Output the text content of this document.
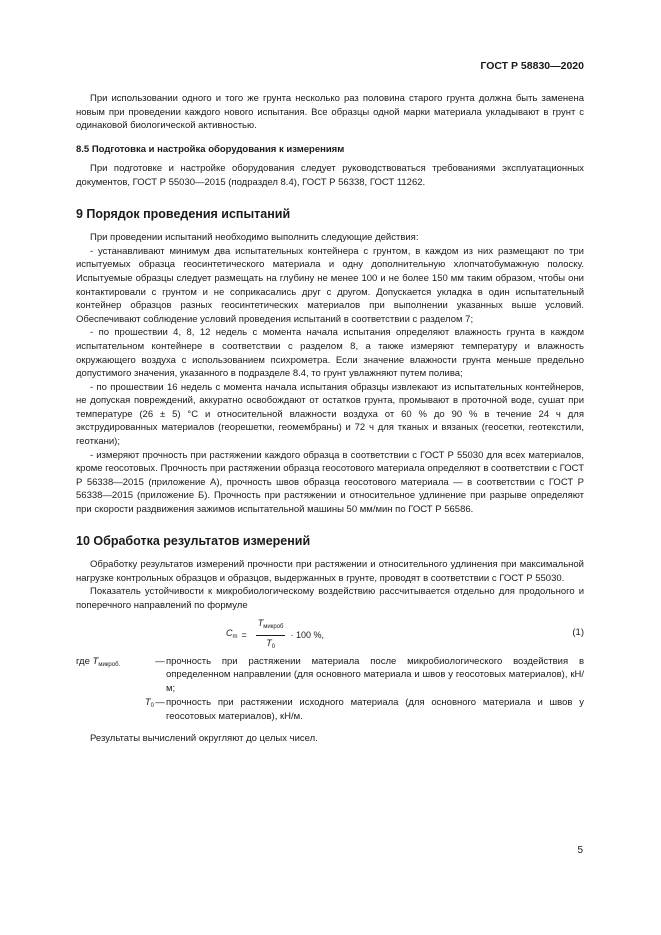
ГОСТ Р 58830—2020

При использовании одного и того же грунта несколько раз половина старого грунта должна быть заменена новым при проведении каждого нового испытания. Все образцы одной марки материала укладывают в грунт с одинаковой биологической активностью.

8.5 Подготовка и настройка оборудования к измерениям

При подготовке и настройке оборудования следует руководствоваться требованиями эксплуатационных документов, ГОСТ Р 55030—2015 (подраздел 8.4), ГОСТ Р 56338, ГОСТ 11262.

9 Порядок проведения испытаний

При проведении испытаний необходимо выполнить следующие действия:

- устанавливают минимум два испытательных контейнера с грунтом, в каждом из них размещают по три испытуемых образца геосинтетического материала и одну дополнительную хлопчатобумажную полоску. Испытуемые образцы следует размещать на глубину не менее 100 и не более 150 мм таким образом, чтобы они контактировали с грунтом и не соприкасались друг с другом. Допускается укладка в один испытательный контейнер образцов разных геосинтетических материалов при выполнении указанных выше условий. Обеспечивают соблюдение условий проведения испытаний в соответствии с разделом 7;

- по прошествии 4, 8, 12 недель с момента начала испытания определяют влажность грунта в каждом испытательном контейнере в соответствии с разделом 8, а также измеряют температуру и влажность окружающего воздуха с использованием психрометра. Если значение влажности грунта меньше предельно допустимого значения, указанного в подразделе 8.4, то грунт увлажняют путем полива;

- по прошествии 16 недель с момента начала испытания образцы извлекают из испытательных контейнеров, не допуская повреждений, аккуратно освобождают от остатков грунта, промывают в проточной воде, сушат при температуре (26 ± 5) °C и относительной влажности воздуха от 60 % до 90 % в течение 24 ч для экструдированных материалов (георешетки, геомембраны) и 72 ч для тканых и вязаных (геосетки, геотекстили, геоткани);

- измеряют прочность при растяжении каждого образца в соответствии с ГОСТ Р 55030 для всех материалов, кроме геосотовых. Прочность при растяжении образца геосотового материала определяют в соответствии с ГОСТ Р 56338—2015 (приложение А), прочность швов образца геосотового материала — в соответствии с ГОСТ Р 56338—2015 (приложение Б). Прочность при растяжении и относительное удлинение при разрыве определяют при скорости раздвижения зажимов испытательной машины 50 мм/мин по ГОСТ Р 56586.

10 Обработка результатов измерений

Обработку результатов измерений прочности при растяжении и относительного удлинения при максимальной нагрузке контрольных образцов и образцов, выдержанных в грунте, проводят в соответствии с ГОСТ Р 55030.

Показатель устойчивости к микробиологическому воздействию рассчитывается отдельно для продольного и поперечного направлений по формуле

$C_m = \frac{T_{микроб}}{T_0} \cdot 100$ %,	(1)
где $T_{микроб.}$	— прочность при растяжении материала после микробиологического воздействия в определенном направлении (для основного материала и швов у геосотовых материалов), кН/м;
$T_0$ — прочность при растяжении исходного материала (для основного материала и швов у геосотовых материалов), кН/м.

Результаты вычислений округляют до целых чисел.

5
